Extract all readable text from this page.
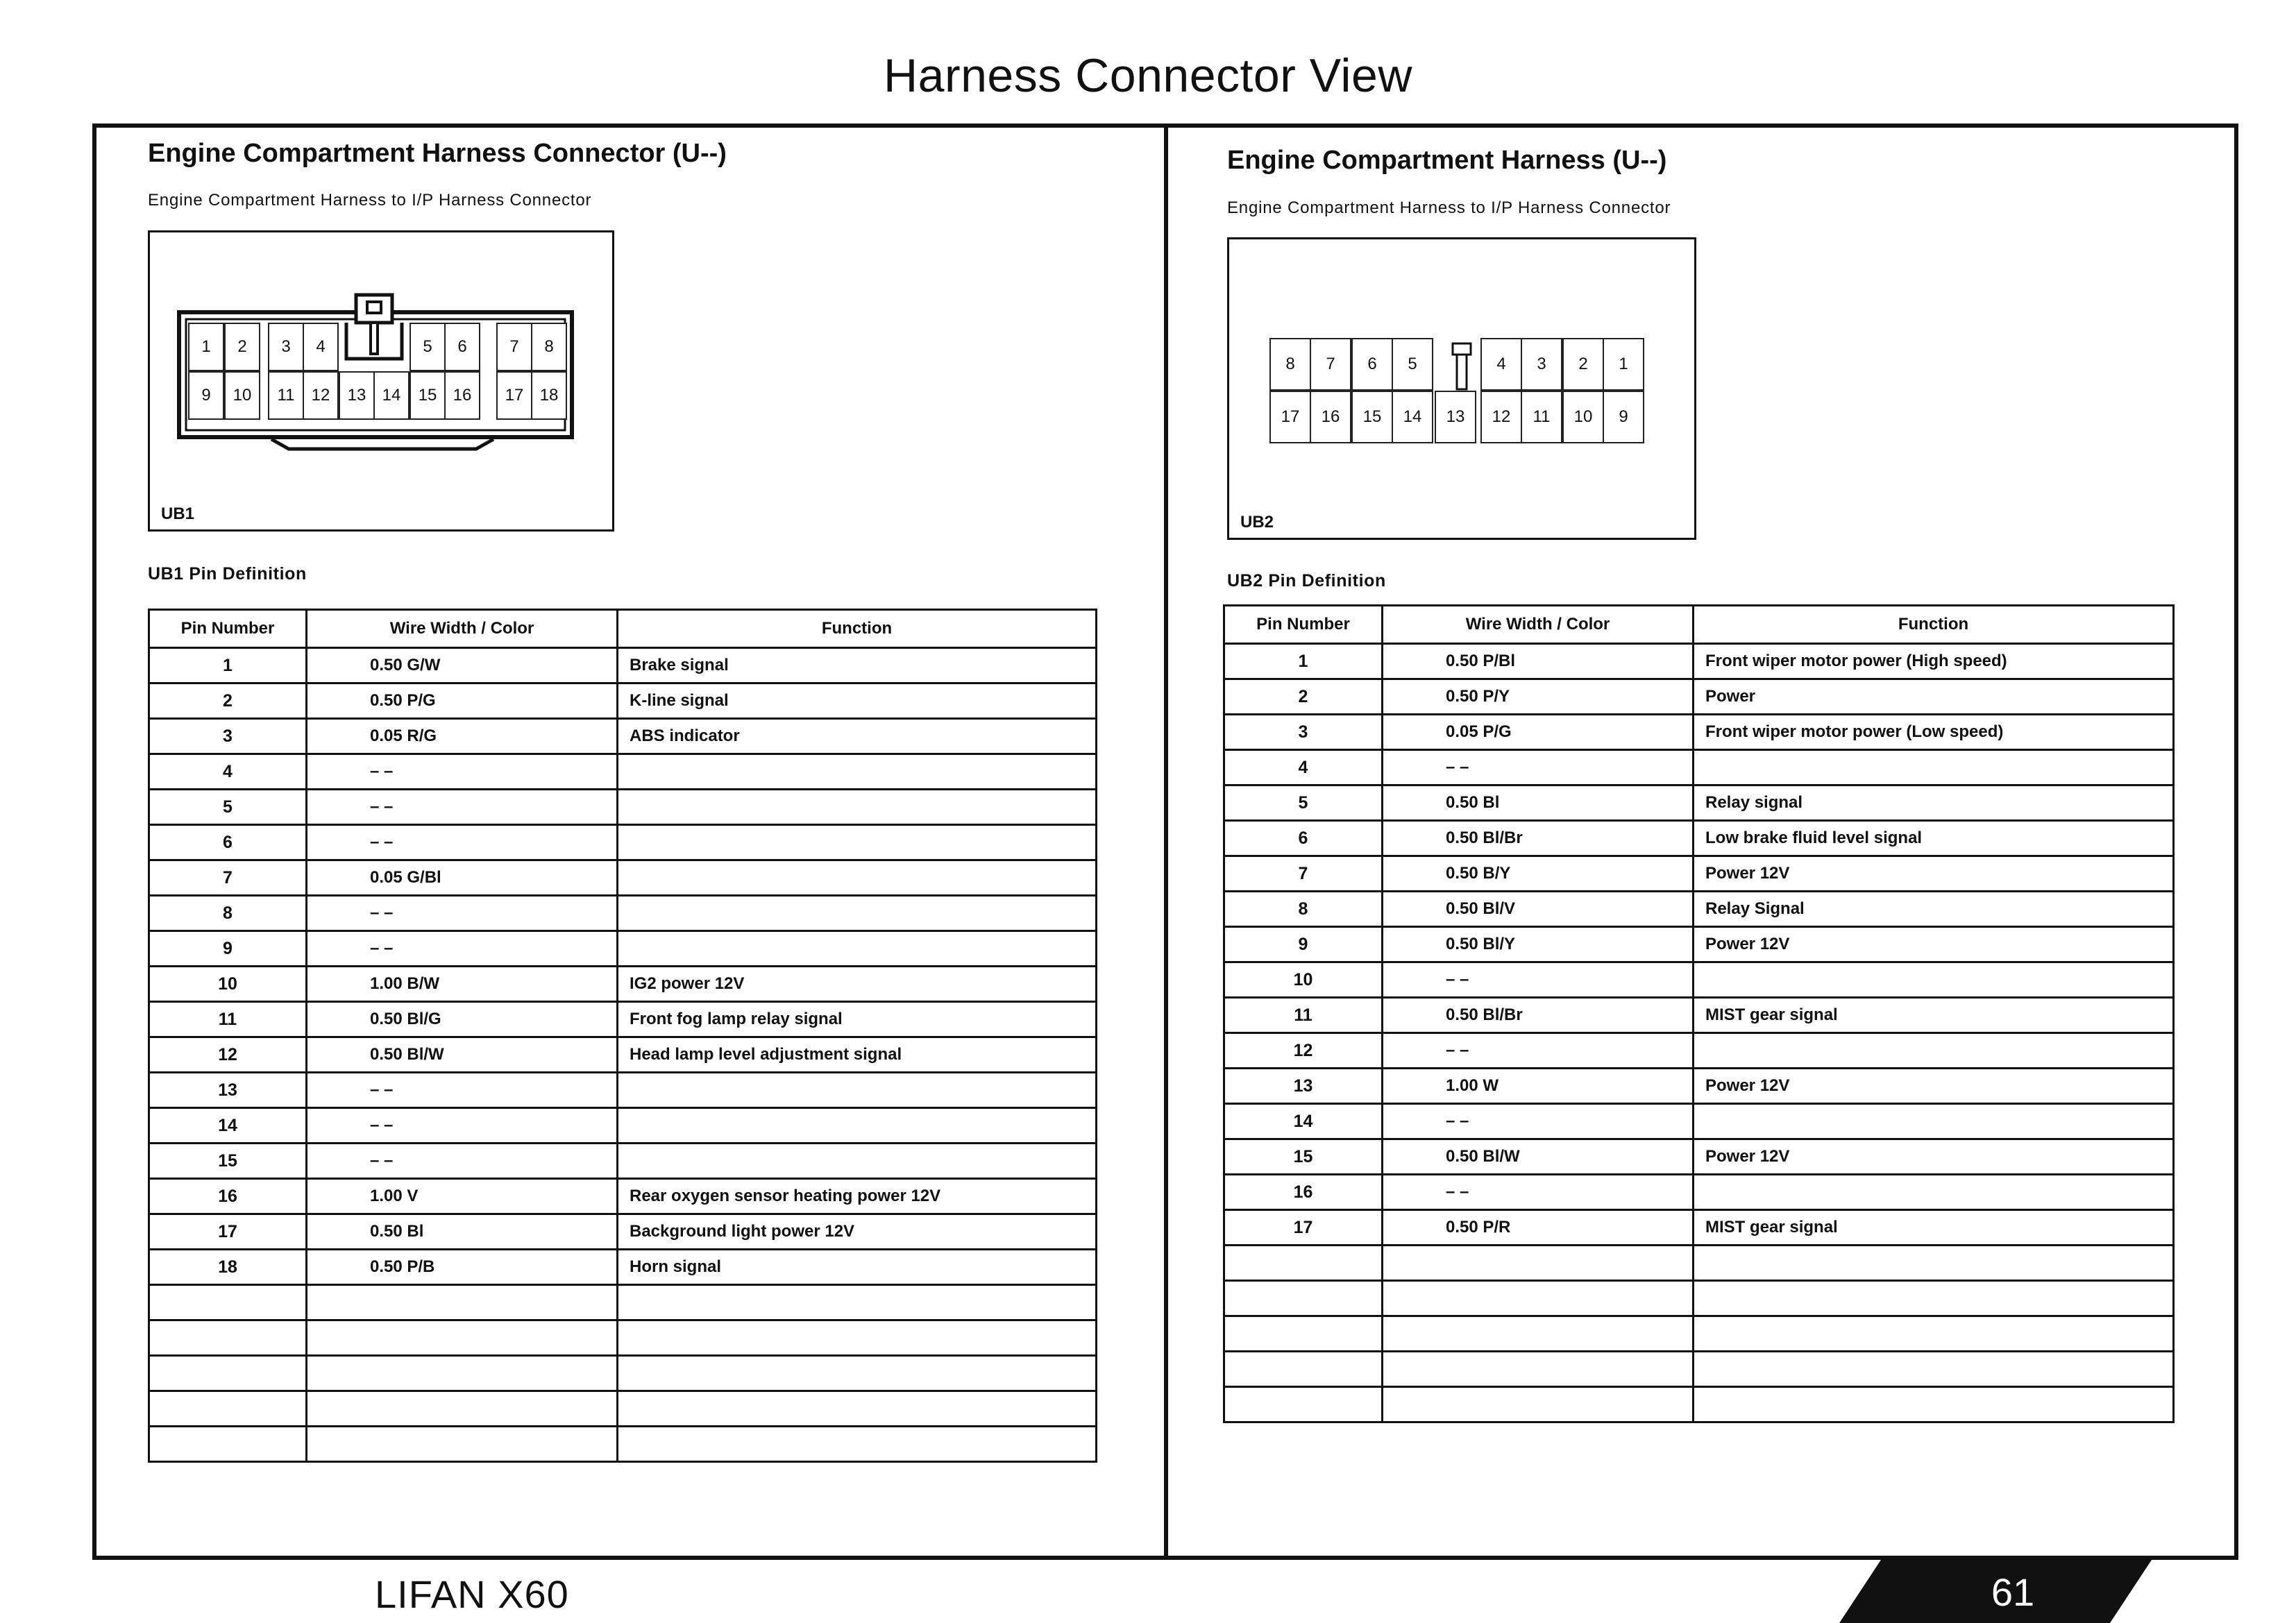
Harness Connector View
Engine Compartment Harness Connector (U--)
Engine Compartment Harness to I/P Harness Connector
1	2	3	4	5	6	7	8
9	10	11	12	13 14	15 16	17 18
UB1
UB1 Pin Definition
Pin Number	Wire Width / Color	Function
1	0.50 G/W	Brake signal
2	0.50 P/G	K-line signal
3	0.05 R/G	ABS indicator
4	– –	
5	– –	
6	– –	
7	0.05 G/Bl	
8	– –	
9	– –	
10	1.00 B/W	IG2 power 12V
11	0.50 Bl/G	Front fog lamp relay signal
12	0.50 Bl/W	Head lamp level adjustment signal
13	– –	
14	– –	
15	– –	
16	1.00 V	Rear oxygen sensor heating power 12V
17	0.50 Bl	Background light power 12V
18	0.50 P/B	Horn signal

Engine Compartment Harness (U--)
Engine Compartment Harness to I/P Harness Connector
8	7	6	5	4	3	2	1
17	16	15	14	13	12	11	10	9
UB2
UB2 Pin Definition
Pin Number	Wire Width / Color	Function
1	0.50 P/Bl	Front wiper motor power (High speed)
2	0.50 P/Y	Power
3	0.05 P/G	Front wiper motor power (Low speed)
4	– –	
5	0.50 Bl	Relay signal
6	0.50 Bl/Br	Low brake fluid level signal
7	0.50 B/Y	Power 12V
8	0.50 Bl/V	Relay Signal
9	0.50 Bl/Y	Power 12V
10	– –	
11	0.50 Bl/Br	MIST gear signal
12	– –	
13	1.00 W	Power 12V
14	– –	
15	0.50 Bl/W	Power 12V
16	– –	
17	0.50 P/R	MIST gear signal

LIFAN X60	61
